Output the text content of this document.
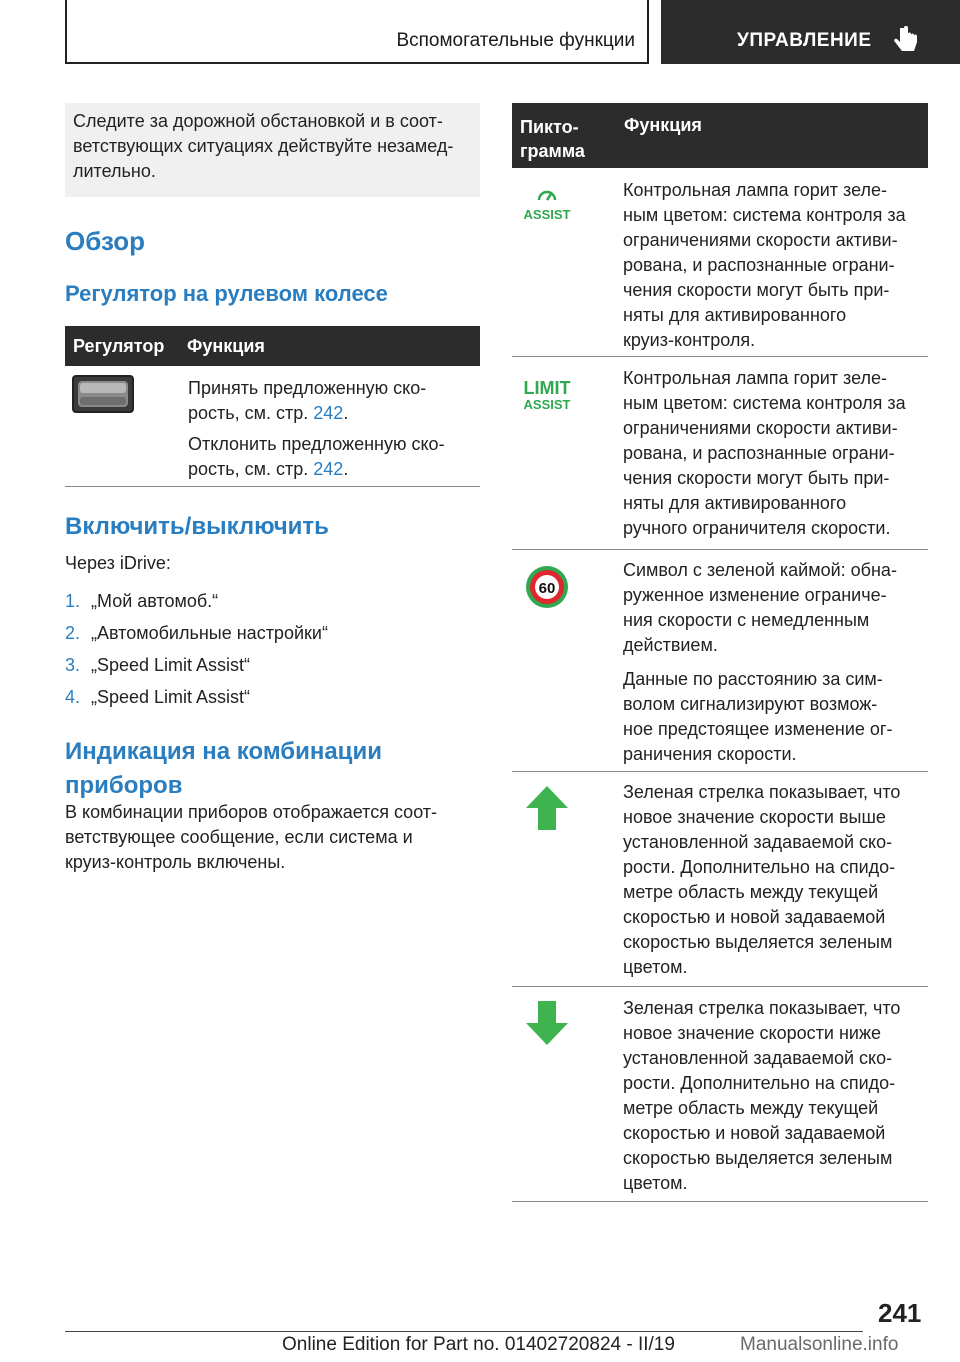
Вспомогательные функции	УПРАВЛЕНИЕ
Следите за дорожной обстановкой и в соот-
ветствующих ситуациях действуйте незамед-
лительно.
Обзор
Регулятор на рулевом колесе
Регулятор Функция
Принять предложенную ско-
рость, см. стр. 242.
Отклонить предложенную ско-
рость, см. стр. 242.
Включить/выключить
Через iDrive:
1. „Мой автомоб.“
2. „Автомобильные настройки“
3. „Speed Limit Assist“
4. „Speed Limit Assist“
Индикация на комбинации
приборов
В комбинации приборов отображается соот-
ветствующее сообщение, если система и
круиз-контроль включены.
Пикто-
грамма
Функция
ASSIST
Контрольная лампа горит зеле-
ным цветом: система контроля за
ограничениями скорости активи-
рована, и распознанные ограни-
чения скорости могут быть при-
няты для активированного
круиз-контроля.
LIMIT
ASSIST
Контрольная лампа горит зеле-
ным цветом: система контроля за
ограничениями скорости активи-
рована, и распознанные ограни-
чения скорости могут быть при-
няты для активированного
ручного ограничителя скорости.
60
Символ с зеленой каймой: обна-
руженное изменение ограниче-
ния скорости с немедленным
действием.
Данные по расстоянию за сим-
волом сигнализируют возмож-
ное предстоящее изменение ог-
раничения скорости.
Зеленая стрелка показывает, что
новое значение скорости выше
установленной задаваемой ско-
рости. Дополнительно на спидо-
метре область между текущей
скоростью и новой задаваемой
скоростью выделяется зеленым
цветом.
Зеленая стрелка показывает, что
новое значение скорости ниже
установленной задаваемой ско-
рости. Дополнительно на спидо-
метре область между текущей
скоростью и новой задаваемой
скоростью выделяется зеленым
цветом.
241
Online Edition for Part no. 01402720824 - II/19	Manualsonline.info
